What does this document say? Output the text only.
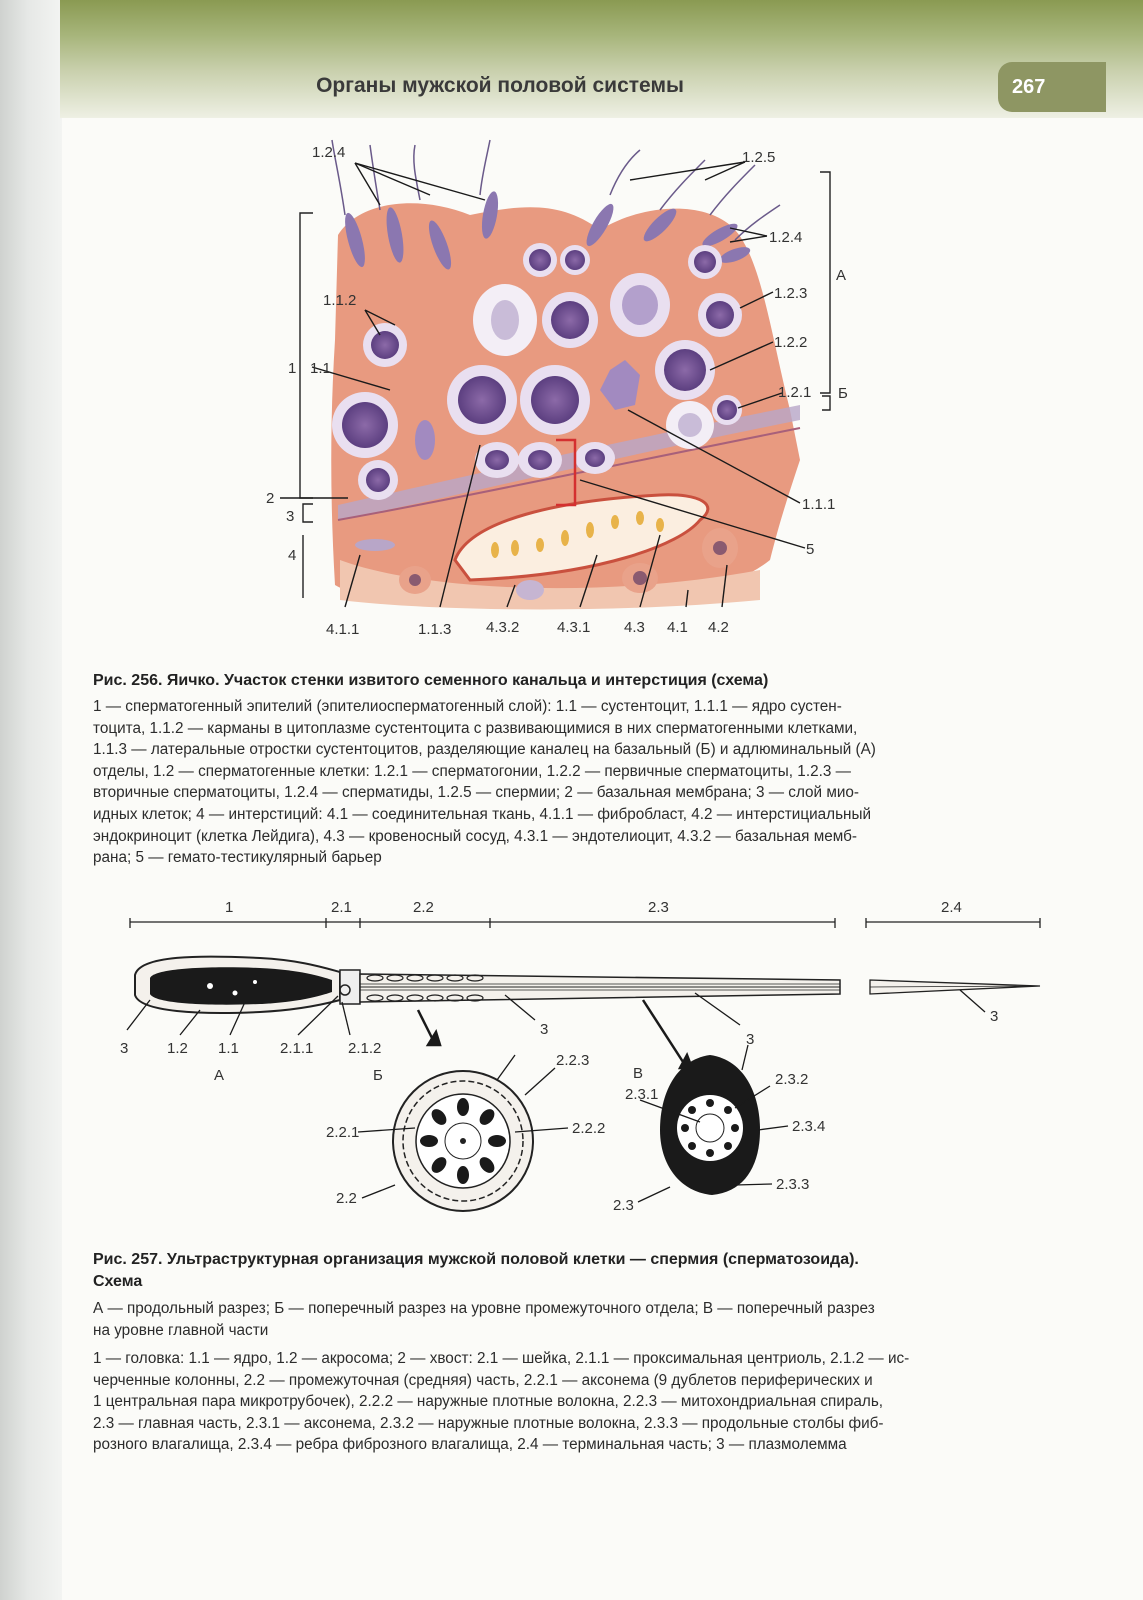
Органы мужской половой системы	267
1.2.4	1.2.5
1.2.4
А
1.1.2	1.2.3
1 1.1
1.2.2
1.2.1 Б
2
3
1.1.1
4	5
4.1.1	1.1.3 4.3.2	4.3.1 4.3 4.1 4.2
Рис. 256. Яичко. Участок стенки извитого семенного канальца и интерстиция (схема)
1 — сперматогенный эпителий (эпителиосперматогенный слой): 1.1 — сустентоцит, 1.1.1 — ядро сустен-
тоцита, 1.1.2 — карманы в цитоплазме сустентоцита с развивающимися в них сперматогенными клетками,
1.1.3 — латеральные отростки сустентоцитов, разделяющие каналец на базальный (Б) и адлюминальный (А)
отделы, 1.2 — сперматогенные клетки: 1.2.1 — сперматогонии, 1.2.2 — первичные сперматоциты, 1.2.3 —
вторичные сперматоциты, 1.2.4 — сперматиды, 1.2.5 — спермии; 2 — базальная мембрана; 3 — слой мио-
идных клеток; 4 — интерстиций: 4.1 — соединительная ткань, 4.1.1 — фибробласт, 4.2 — интерстициальный
эндокриноцит (клетка Лейдига), 4.3 — кровеносный сосуд, 4.3.1 — эндотелиоцит, 4.3.2 — базальная мемб-
рана; 5 — гемато-тестикулярный барьер
1	2.1	2.2	2.3	2.4
3	1.2 1.1	2.1.1 2.1.2
А	Б
3
3
3
2.2.3
2.2.1	2.2.2
2.2
В
2.3.1
2.3.2
2.3.4
2.3.3
2.3
Рис. 257. Ультраструктурная организация мужской половой клетки — спермия (сперматозоида).
Схема
А — продольный разрез; Б — поперечный разрез на уровне промежуточного отдела; В — поперечный разрез
на уровне главной части
1 — головка: 1.1 — ядро, 1.2 — акросома; 2 — хвост: 2.1 — шейка, 2.1.1 — проксимальная центриоль, 2.1.2 — ис-
черченные колонны, 2.2 — промежуточная (средняя) часть, 2.2.1 — аксонема (9 дублетов периферических и
1 центральная пара микротрубочек), 2.2.2 — наружные плотные волокна, 2.2.3 — митохондриальная спираль,
2.3 — главная часть, 2.3.1 — аксонема, 2.3.2 — наружные плотные волокна, 2.3.3 — продольные столбы фиб-
розного влагалища, 2.3.4 — ребра фиброзного влагалища, 2.4 — терминальная часть; 3 — плазмолемма
